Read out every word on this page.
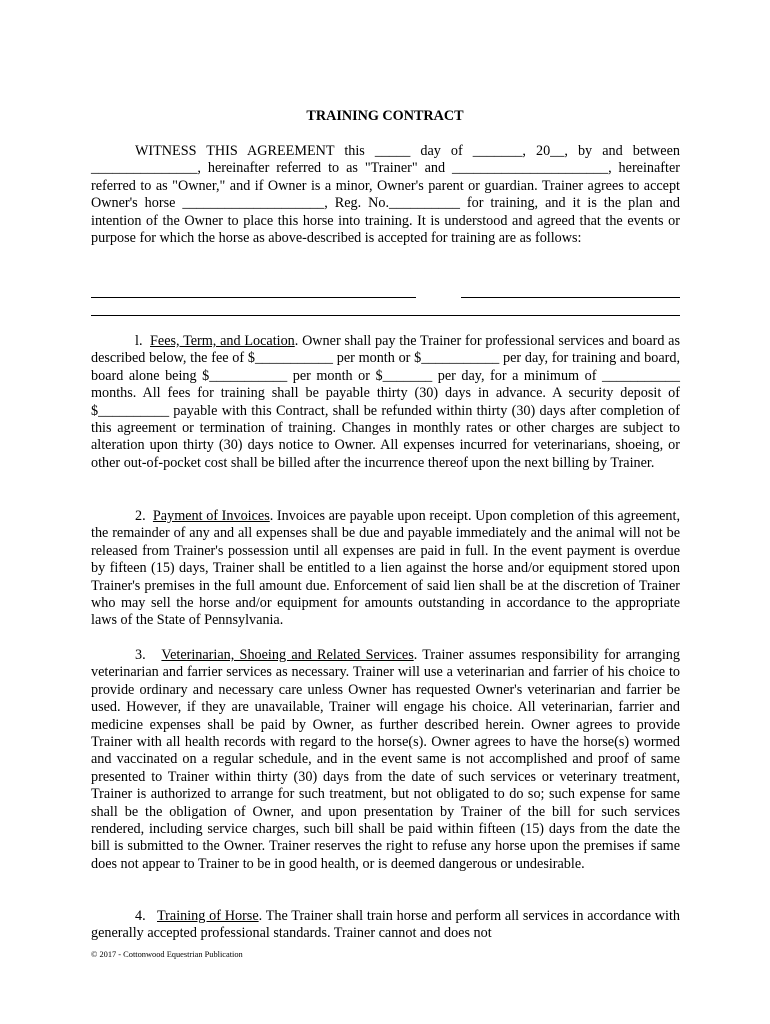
TRAINING CONTRACT
WITNESS THIS AGREEMENT this _____ day of _______, 20__, by and between _______________, hereinafter referred to as "Trainer" and ______________________, hereinafter referred to as "Owner," and if Owner is a minor, Owner's parent or guardian. Trainer agrees to accept Owner's horse ____________________, Reg. No.__________ for training, and it is the plan and intention of the Owner to place this horse into training. It is understood and agreed that the events or purpose for which the horse as above-described is accepted for training are as follows:
l. Fees, Term, and Location. Owner shall pay the Trainer for professional services and board as described below, the fee of $___________ per month or $___________ per day, for training and board, board alone being $___________ per month or $_______ per day, for a minimum of ___________ months. All fees for training shall be payable thirty (30) days in advance. A security deposit of $__________ payable with this Contract, shall be refunded within thirty (30) days after completion of this agreement or termination of training. Changes in monthly rates or other charges are subject to alteration upon thirty (30) days notice to Owner. All expenses incurred for veterinarians, shoeing, or other out-of-pocket cost shall be billed after the incurrence thereof upon the next billing by Trainer.
2. Payment of Invoices. Invoices are payable upon receipt. Upon completion of this agreement, the remainder of any and all expenses shall be due and payable immediately and the animal will not be released from Trainer's possession until all expenses are paid in full. In the event payment is overdue by fifteen (15) days, Trainer shall be entitled to a lien against the horse and/or equipment stored upon Trainer's premises in the full amount due. Enforcement of said lien shall be at the discretion of Trainer who may sell the horse and/or equipment for amounts outstanding in accordance to the appropriate laws of the State of Pennsylvania.
3. Veterinarian, Shoeing and Related Services. Trainer assumes responsibility for arranging veterinarian and farrier services as necessary. Trainer will use a veterinarian and farrier of his choice to provide ordinary and necessary care unless Owner has requested Owner's veterinarian and farrier be used. However, if they are unavailable, Trainer will engage his choice. All veterinarian, farrier and medicine expenses shall be paid by Owner, as further described herein. Owner agrees to provide Trainer with all health records with regard to the horse(s). Owner agrees to have the horse(s) wormed and vaccinated on a regular schedule, and in the event same is not accomplished and proof of same presented to Trainer within thirty (30) days from the date of such services or veterinary treatment, Trainer is authorized to arrange for such treatment, but not obligated to do so; such expense for same shall be the obligation of Owner, and upon presentation by Trainer of the bill for such services rendered, including service charges, such bill shall be paid within fifteen (15) days from the date the bill is submitted to the Owner. Trainer reserves the right to refuse any horse upon the premises if same does not appear to Trainer to be in good health, or is deemed dangerous or undesirable.
4. Training of Horse. The Trainer shall train horse and perform all services in accordance with generally accepted professional standards. Trainer cannot and does not
© 2017 - Cottonwood Equestrian Publication
